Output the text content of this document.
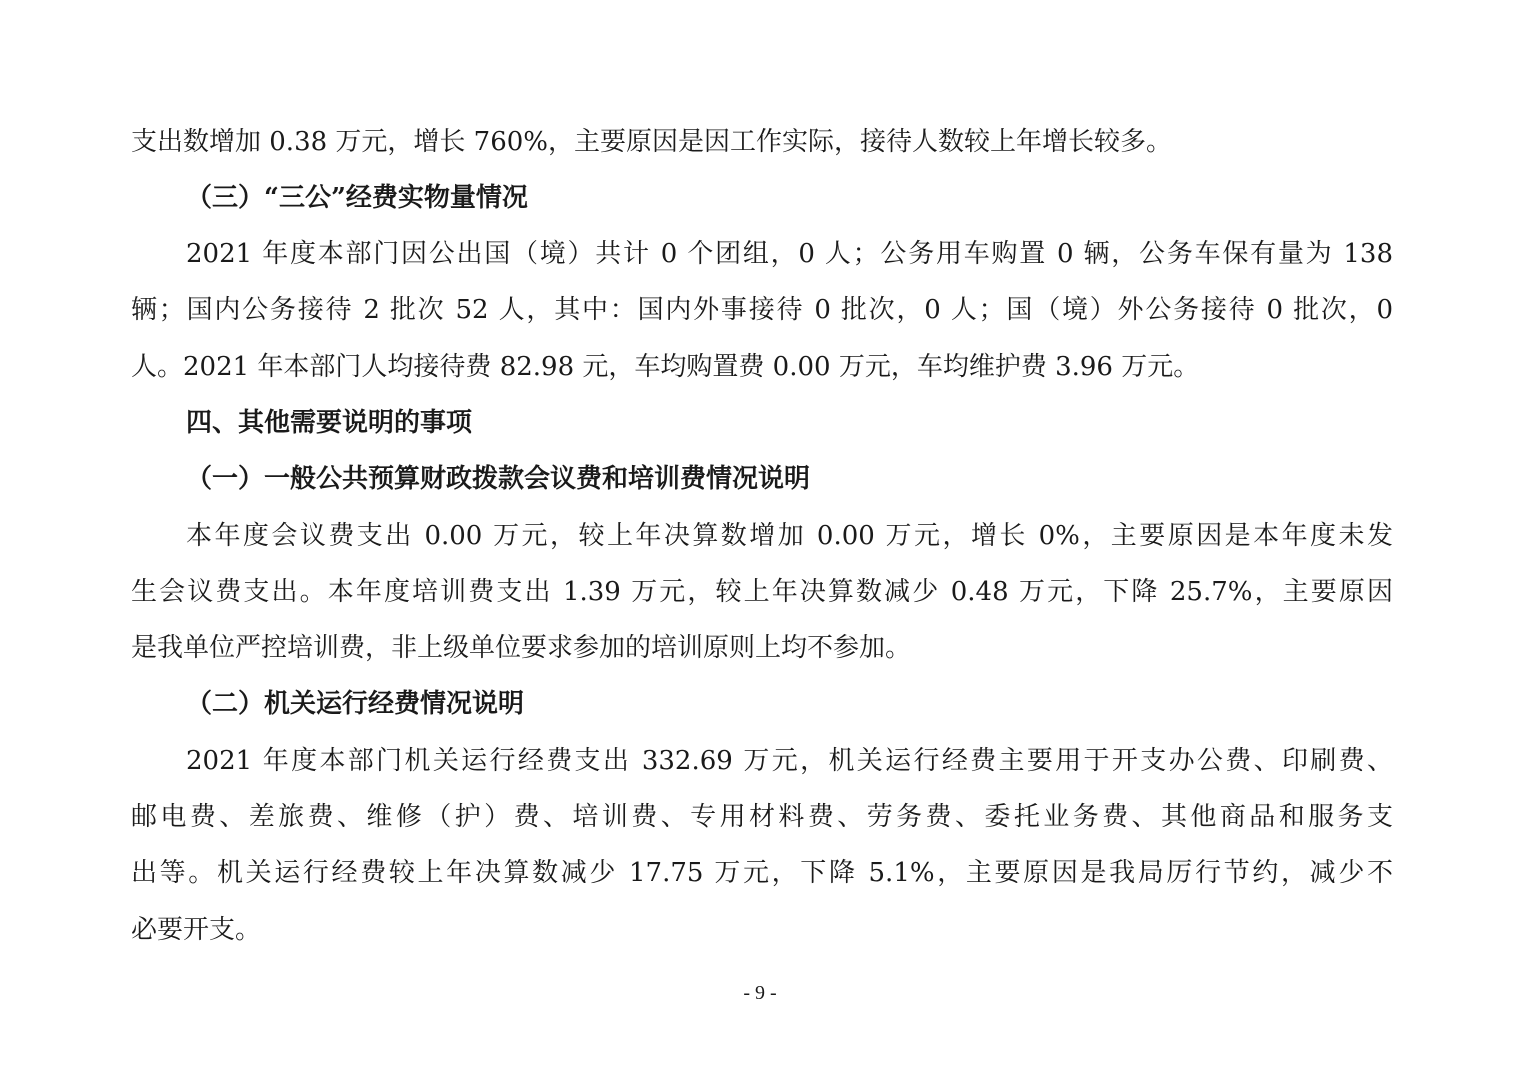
支出数增加 0.38 万元，增长 760%，主要原因是因工作实际，接待人数较上年增长较多。
（三）“三公”经费实物量情况
2021 年度本部门因公出国（境）共计 0 个团组，0 人；公务用车购置 0 辆，公务车保有量为 138
辆；国内公务接待 2 批次 52 人，其中：国内外事接待 0 批次，0 人；国（境）外公务接待 0 批次，0
人。2021 年本部门人均接待费 82.98 元，车均购置费 0.00 万元，车均维护费 3.96 万元。
四、其他需要说明的事项
（一）一般公共预算财政拨款会议费和培训费情况说明
本年度会议费支出 0.00 万元，较上年决算数增加 0.00 万元，增长 0%，主要原因是本年度未发
生会议费支出。本年度培训费支出 1.39 万元，较上年决算数减少 0.48 万元，下降 25.7%，主要原因
是我单位严控培训费，非上级单位要求参加的培训原则上均不参加。
（二）机关运行经费情况说明
2021 年度本部门机关运行经费支出 332.69 万元，机关运行经费主要用于开支办公费、印刷费、
邮电费、差旅费、维修（护）费、培训费、专用材料费、劳务费、委托业务费、其他商品和服务支
出等。机关运行经费较上年决算数减少 17.75 万元，下降 5.1%，主要原因是我局厉行节约，减少不
必要开支。
- 9 -
